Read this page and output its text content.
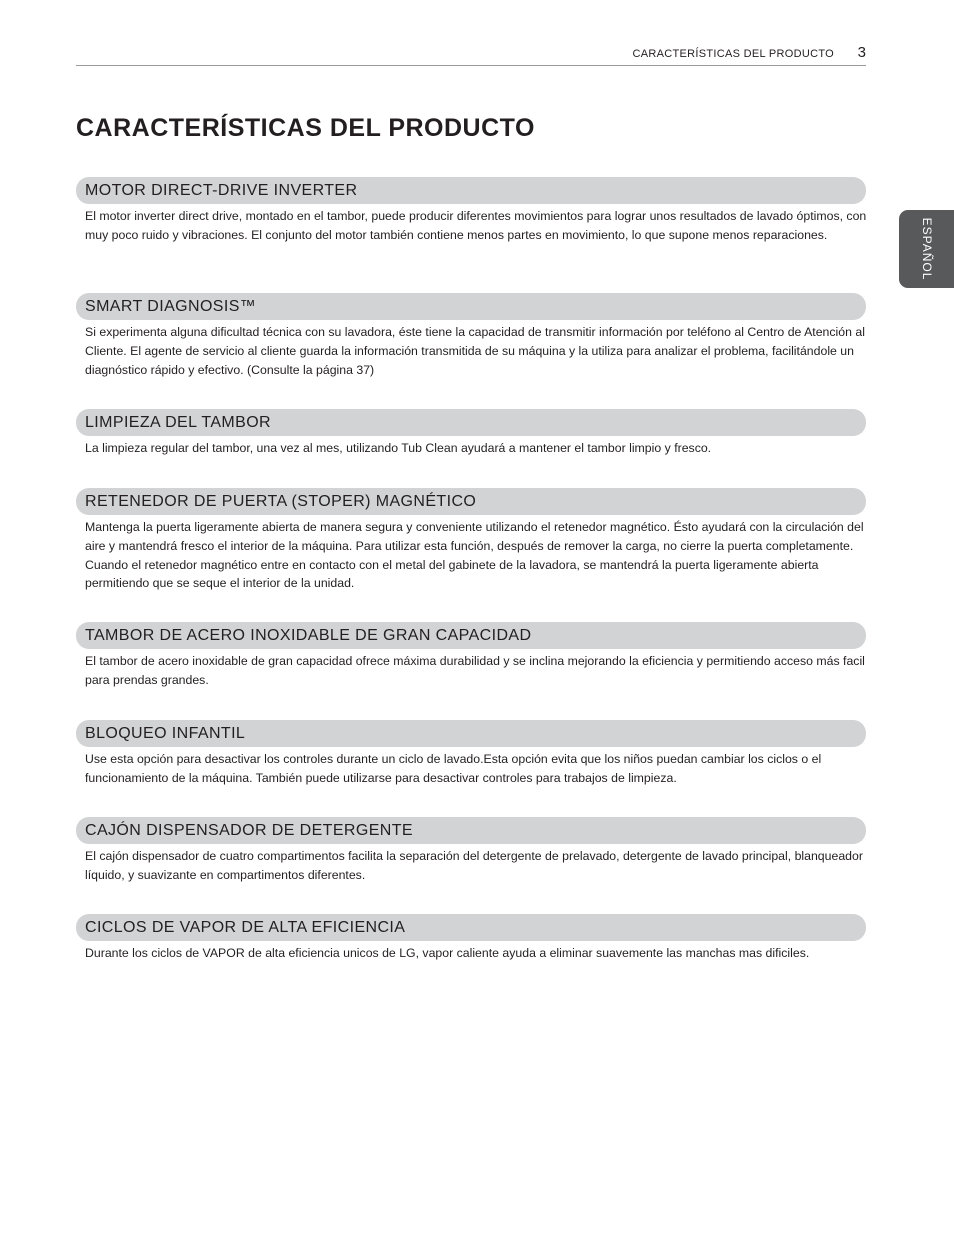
CARACTERÍSTICAS DEL PRODUCTO 3
CARACTERÍSTICAS DEL PRODUCTO
ESPAÑOL
MOTOR DIRECT-DRIVE INVERTER

El motor inverter direct drive, montado en el tambor, puede producir diferentes movimientos para lograr unos resultados de lavado óptimos, con muy poco ruido y vibraciones. El conjunto del motor también contiene menos partes en movimiento, lo que supone menos reparaciones.

SMART DIAGNOSIS™

Si experimenta alguna dificultad técnica con su lavadora, éste tiene la capacidad de transmitir información por teléfono al Centro de Atención al Cliente. El agente de servicio al cliente guarda la información transmitida de su máquina y la utiliza para analizar el problema, facilitándole un diagnóstico rápido y efectivo. (Consulte la página 37)

LIMPIEZA DEL TAMBOR

La limpieza regular del tambor, una vez al mes, utilizando Tub Clean ayudará a mantener el tambor limpio y fresco.

RETENEDOR DE PUERTA (STOPER) MAGNÉTICO

Mantenga la puerta ligeramente abierta de manera segura y conveniente utilizando el retenedor magnético. Ésto ayudará con la circulación del aire y mantendrá fresco el interior de la máquina. Para utilizar esta función, después de remover la carga, no cierre la puerta completamente. Cuando el retenedor magnético entre en contacto con el metal del gabinete de la lavadora, se mantendrá la puerta ligeramente abierta permitiendo que se seque el interior de la unidad.

TAMBOR DE ACERO INOXIDABLE DE GRAN CAPACIDAD

El tambor de acero inoxidable de gran capacidad ofrece máxima durabilidad y se inclina mejorando la eficiencia y permitiendo acceso más facil para prendas grandes.

BLOQUEO INFANTIL

Use esta opción para desactivar los controles durante un ciclo de lavado.Esta opción evita que los niños puedan cambiar los ciclos o el funcionamiento de la máquina. También puede utilizarse para desactivar controles para trabajos de limpieza.

CAJÓN DISPENSADOR DE DETERGENTE

El cajón dispensador de cuatro compartimentos facilita la separación del detergente de prelavado, detergente de lavado principal, blanqueador líquido, y suavizante en compartimentos diferentes.

CICLOS DE VAPOR DE ALTA EFICIENCIA

Durante los ciclos de VAPOR de alta eficiencia unicos de LG, vapor caliente ayuda a eliminar suavemente las manchas mas dificiles.
